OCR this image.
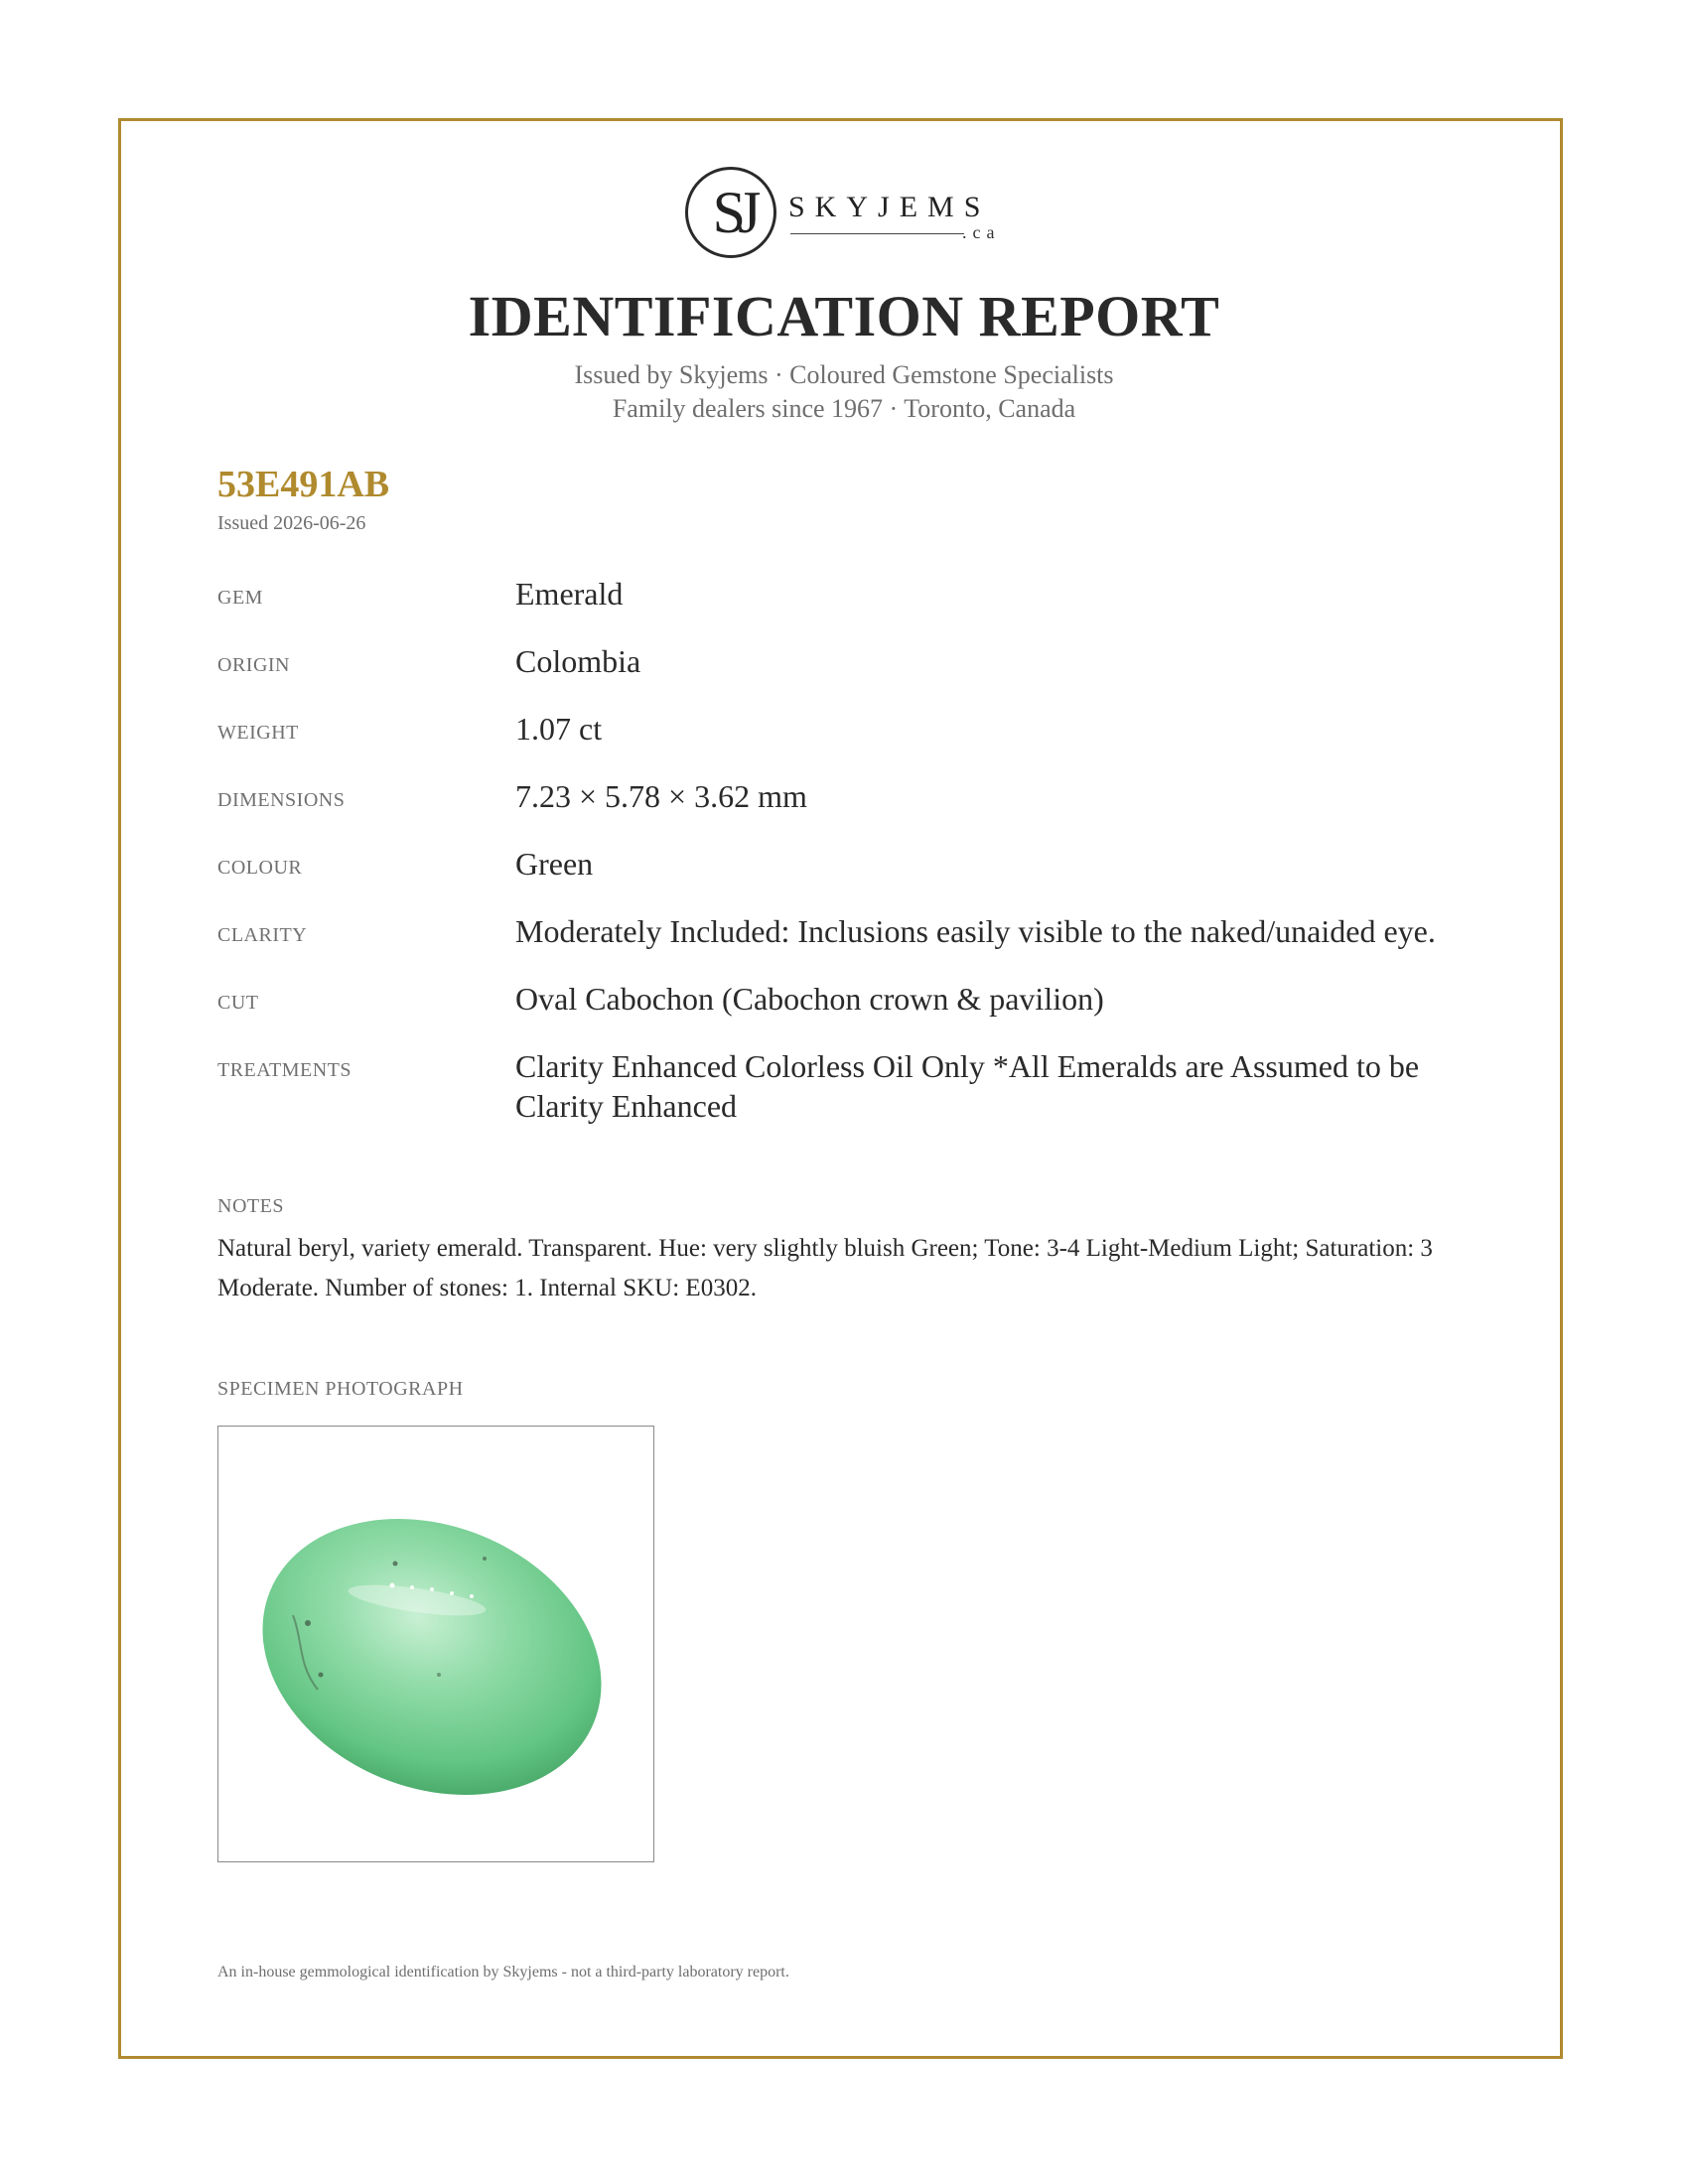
SJ	SKYJEMS
.ca
IDENTIFICATION REPORT
Issued by Skyjems · Coloured Gemstone Specialists
Family dealers since 1967 · Toronto, Canada
53E491AB
Issued 2026-06-26
GEM	Emerald
ORIGIN	Colombia
WEIGHT	1.07 ct
DIMENSIONS	7.23 × 5.78 × 3.62 mm
COLOUR	Green
CLARITY	Moderately Included: Inclusions easily visible to the naked/unaided eye.
CUT	Oval Cabochon (Cabochon crown & pavilion)
TREATMENTS	Clarity Enhanced Colorless Oil Only *All Emeralds are Assumed to be Clarity Enhanced
NOTES
Natural beryl, variety emerald. Transparent. Hue: very slightly bluish Green; Tone: 3-4 Light-Medium Light; Saturation: 3 Moderate. Number of stones: 1. Internal SKU: E0302.
SPECIMEN PHOTOGRAPH
An in-house gemmological identification by Skyjems - not a third-party laboratory report.
